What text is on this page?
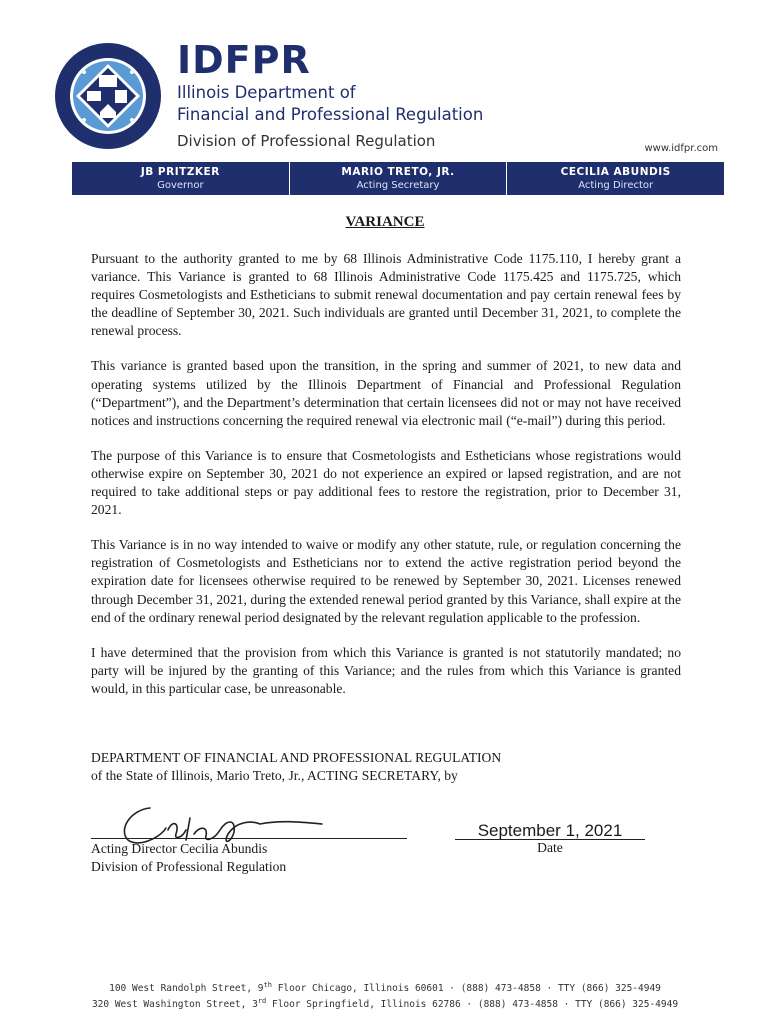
IDFPR
Illinois Department of
Financial and Professional Regulation
Division of Professional Regulation	www.idfpr.com
JB PRITZKER
Governor
MARIO TRETO, JR.
Acting Secretary
CECILIA ABUNDIS
Acting Director
VARIANCE

Pursuant to the authority granted to me by 68 Illinois Administrative Code 1175.110, I hereby grant a variance. This Variance is granted to 68 Illinois Administrative Code 1175.425 and 1175.725, which requires Cosmetologists and Estheticians to submit renewal documentation and pay certain renewal fees by the deadline of September 30, 2021. Such individuals are granted until December 31, 2021, to complete the renewal process.

This variance is granted based upon the transition, in the spring and summer of 2021, to new data and operating systems utilized by the Illinois Department of Financial and Professional Regulation (“Department”), and the Department’s determination that certain licensees did not or may not have received notices and instructions concerning the required renewal via electronic mail (“e-mail”) during this period.

The purpose of this Variance is to ensure that Cosmetologists and Estheticians whose registrations would otherwise expire on September 30, 2021 do not experience an expired or lapsed registration, and are not required to take additional steps or pay additional fees to restore the registration, prior to December 31, 2021.

This Variance is in no way intended to waive or modify any other statute, rule, or regulation concerning the registration of Cosmetologists and Estheticians nor to extend the active registration period beyond the expiration date for licensees otherwise required to be renewed by September 30, 2021. Licenses renewed through December 31, 2021, during the extended renewal period granted by this Variance, shall expire at the end of the ordinary renewal period designated by the relevant regulation applicable to the profession.

I have determined that the provision from which this Variance is granted is not statutorily mandated; no party will be injured by the granting of this Variance; and the rules from which this Variance is granted would, in this particular case, be unreasonable.

DEPARTMENT OF FINANCIAL AND PROFESSIONAL REGULATION
of the State of Illinois, Mario Treto, Jr., ACTING SECRETARY, by
Acting Director Cecilia Abundis
Division of Professional Regulation
September 1, 2021
Date
100 West Randolph Street, 9th Floor Chicago, Illinois 60601 · (888) 473-4858 · TTY (866) 325-4949
320 West Washington Street, 3rd Floor Springfield, Illinois 62786 · (888) 473-4858 · TTY (866) 325-4949
